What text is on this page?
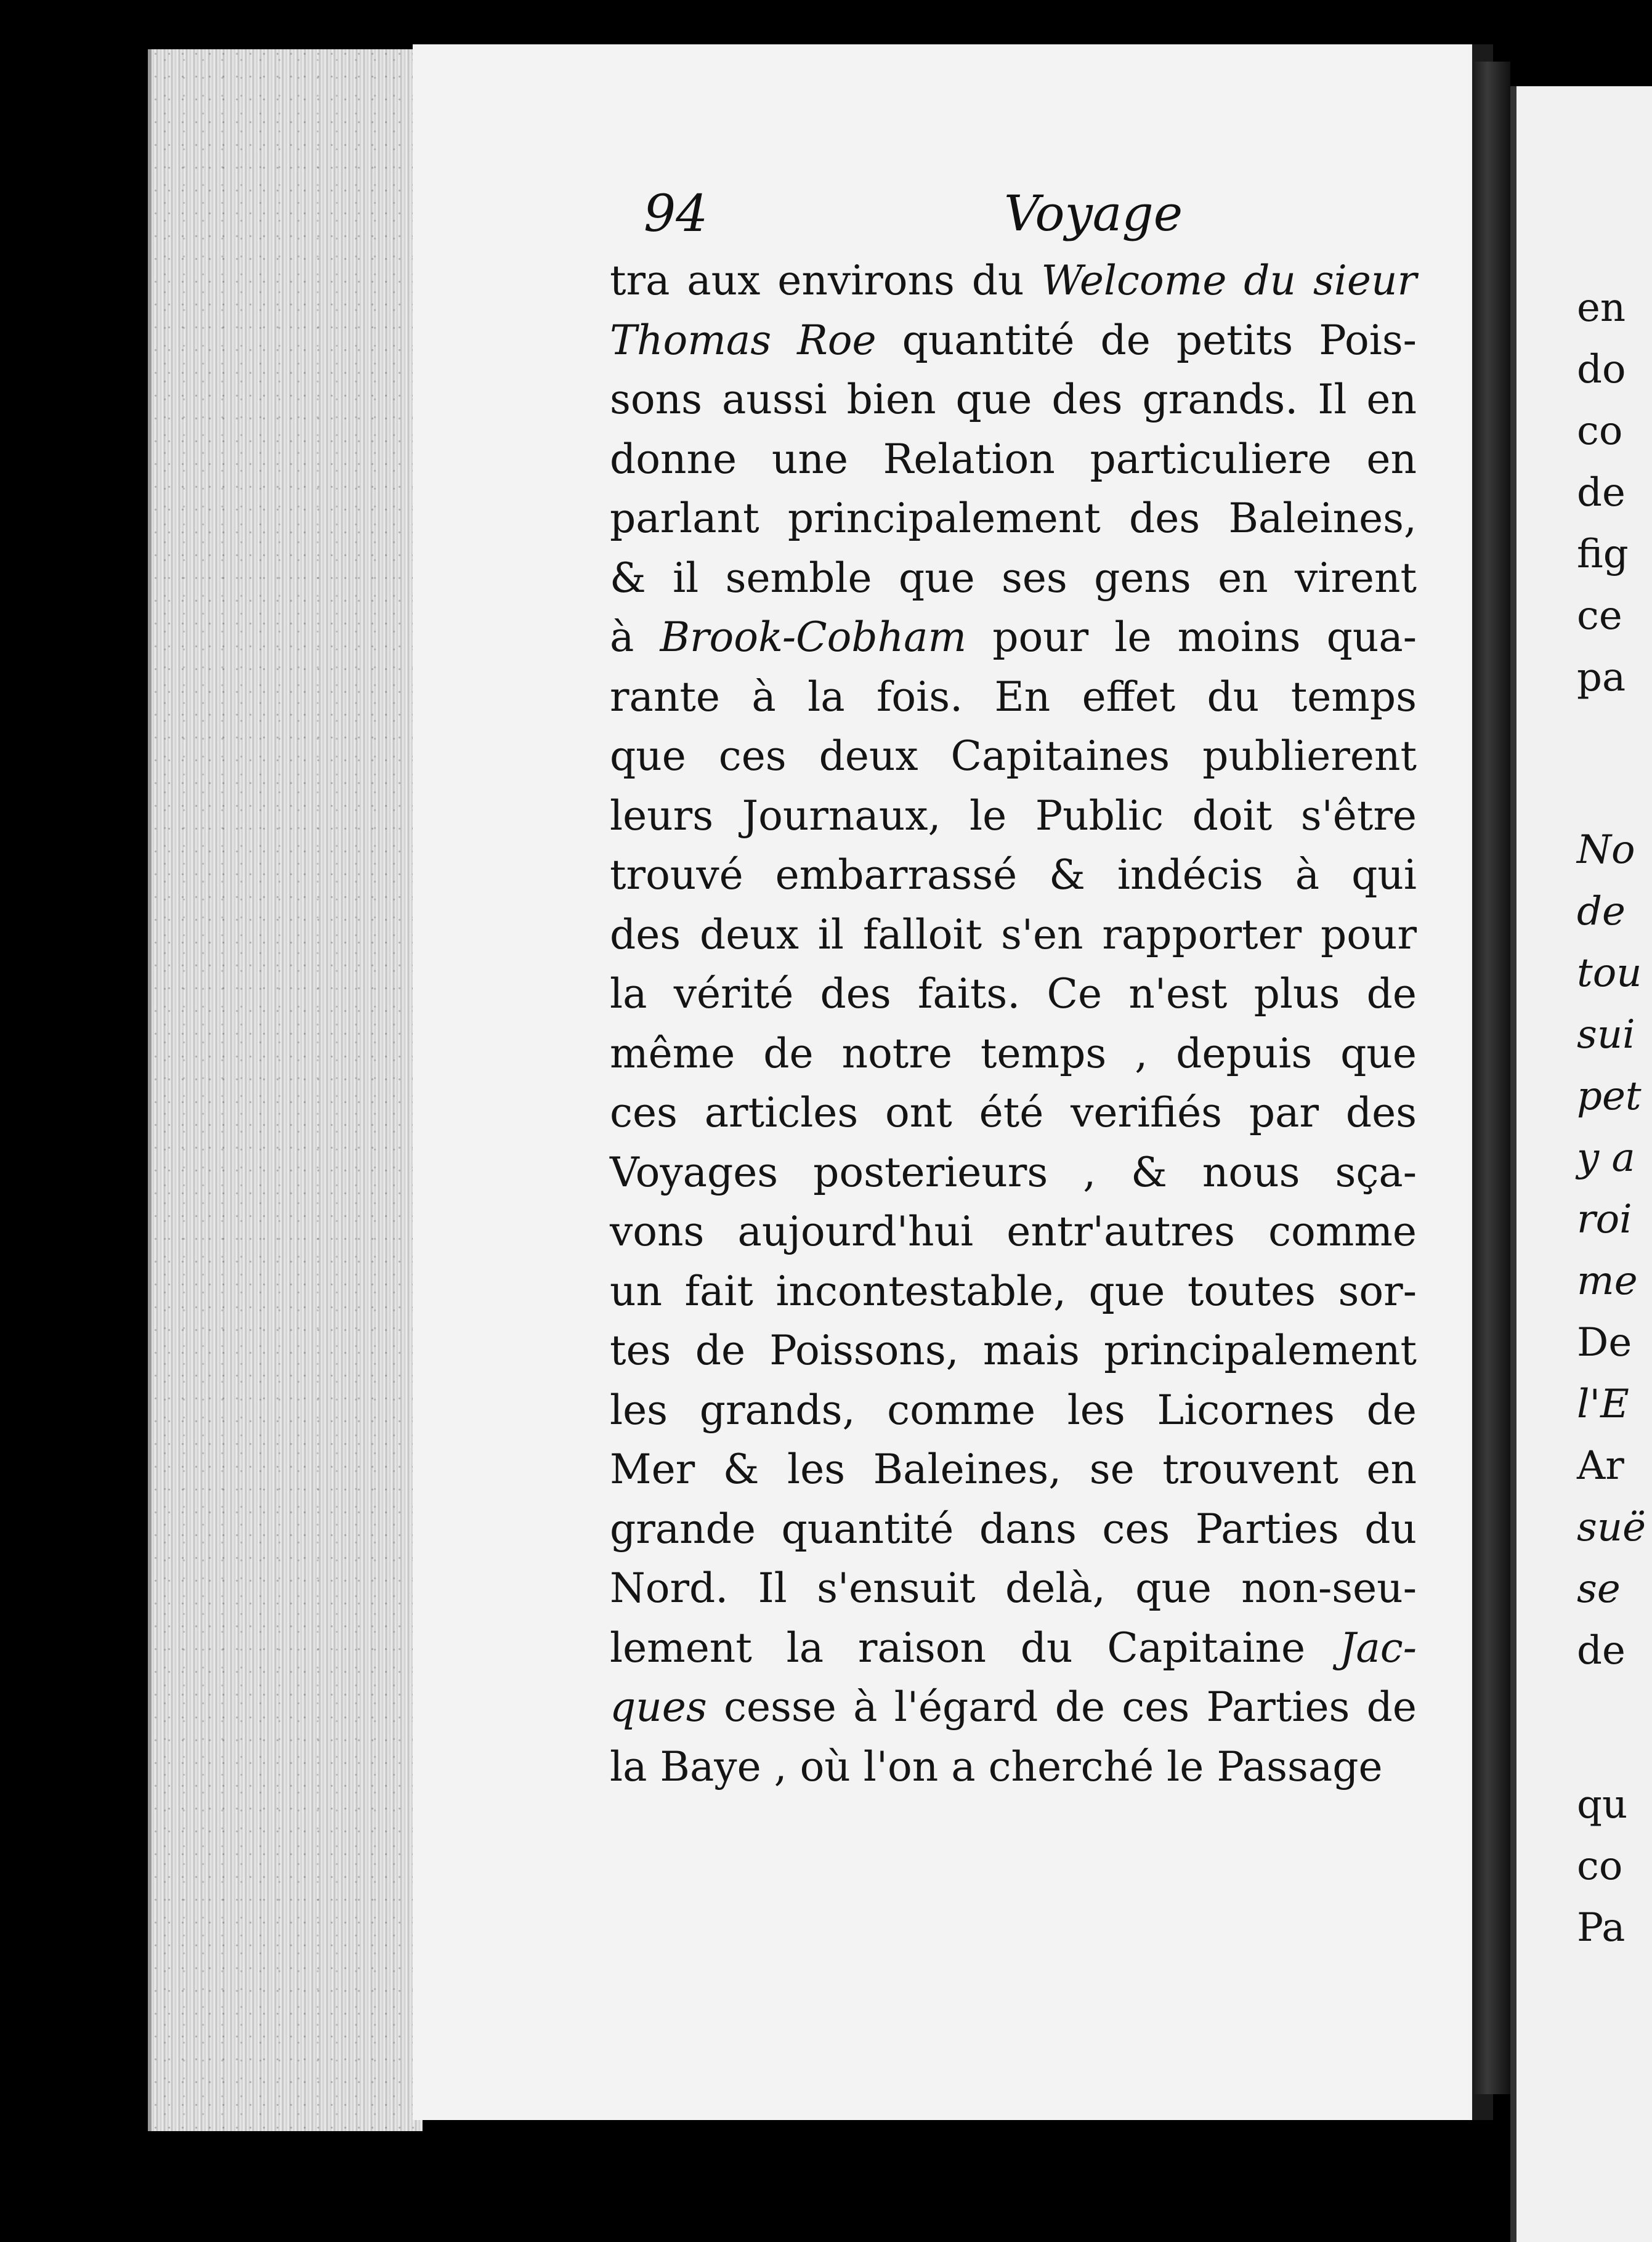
94	Voyage
tra aux environs du Welcome du sieur
Thomas Roe quantité de petits Pois-
sons aussi bien que des grands. Il en
donne une Relation particuliere en
parlant principalement des Baleines,
& il semble que ses gens en virent
à Brook-Cobham pour le moins qua-
rante à la fois. En effet du temps
que ces deux Capitaines publierent
leurs Journaux, le Public doit s'être
trouvé embarrassé & indécis à qui
des deux il falloit s'en rapporter pour
la vérité des faits. Ce n'est plus de
même de notre temps , depuis que
ces articles ont été verifiés par des
Voyages posterieurs , & nous sça-
vons aujourd'hui entr'autres comme
un fait incontestable, que toutes sor-
tes de Poissons, mais principalement
les grands, comme les Licornes de
Mer & les Baleines, se trouvent en
grande quantité dans ces Parties du
Nord. Il s'ensuit delà, que non-seu-
lement la raison du Capitaine Jac-
ques cesse à l'égard de ces Parties de
la Baye , où l'on a cherché le Passage
en
do
co
de
fig
ce
pa
No
de
tou
sui
pet
y a
roi
me
De
l'E
Ar
suë
se
de
qu
co
Pa
